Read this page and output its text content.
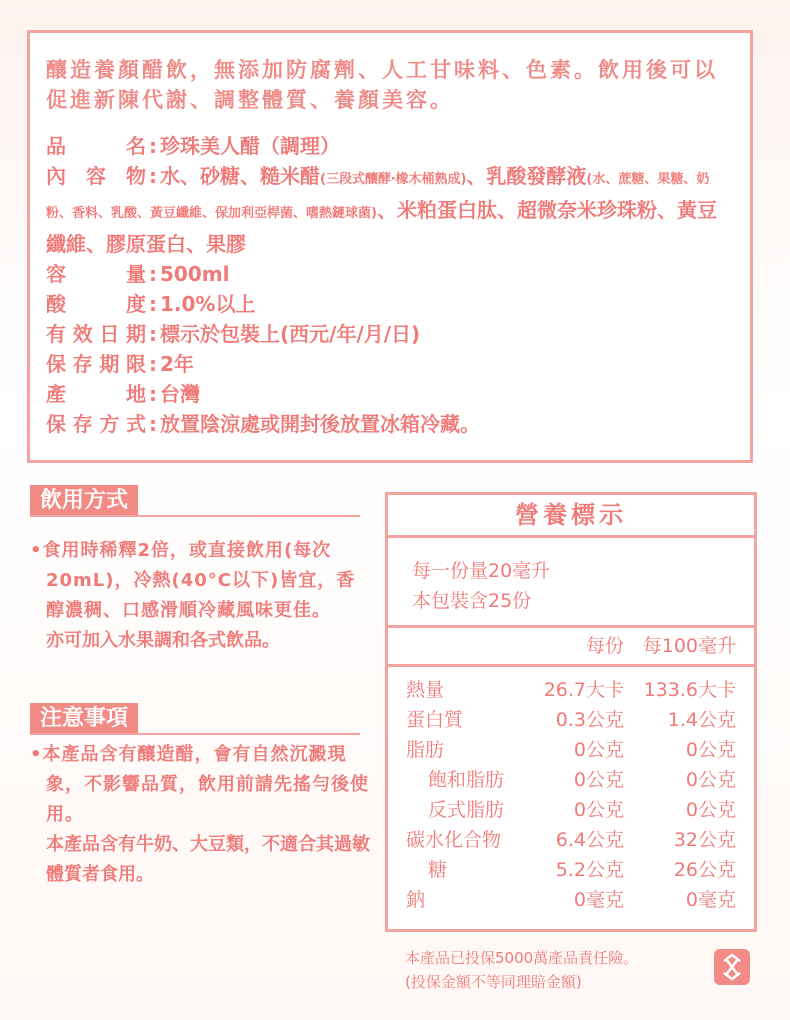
釀造養顏醋飲，無添加防腐劑、人工甘味料、色素。飲用後可以促進新陳代謝、調整體質、養顏美容。
品名 : 珍珠美人醋（調理）
內容物 : 水、砂糖、糙米醋(三段式釀酵‧橡木桶熟成)、乳酸發酵液(水、蔗糖、果糖、奶粉、香料、乳酸、黃豆纖維、保加利亞桿菌、嗜熱鏈球菌)、米粕蛋白肽、超微奈米珍珠粉、黃豆纖維、膠原蛋白、果膠
容量 : 500ml
酸度 : 1.0%以上
有效日期 : 標示於包裝上(西元/年/月/日)
保存期限 : 2年
產地 : 台灣
保存方式 : 放置陰涼處或開封後放置冰箱冷藏。
飲用方式

•食用時稀釋2倍，或直接飲用(每次20mL)，冷熱(40°C以下)皆宜，香醇濃稠、口感滑順冷藏風味更佳。

亦可加入水果調和各式飲品。

注意事項

•本產品含有釀造醋，會有自然沉澱現象，不影響品質，飲用前請先搖勻後使用。

本產品含有牛奶、大豆類，不適合其過敏體質者食用。

營養標示
每一份量20毫升
本包裝含25份
每份 每100毫升
熱量	26.7大卡 133.6大卡
蛋白質	0.3公克 1.4公克
脂肪	0公克	0公克
飽和脂肪	0公克	0公克
反式脂肪	0公克	0公克
碳水化合物	6.4公克	32公克
糖	5.2公克	26公克
鈉	0毫克	0毫克
本產品已投保5000萬產品責任險。
(投保金額不等同理賠金額)
